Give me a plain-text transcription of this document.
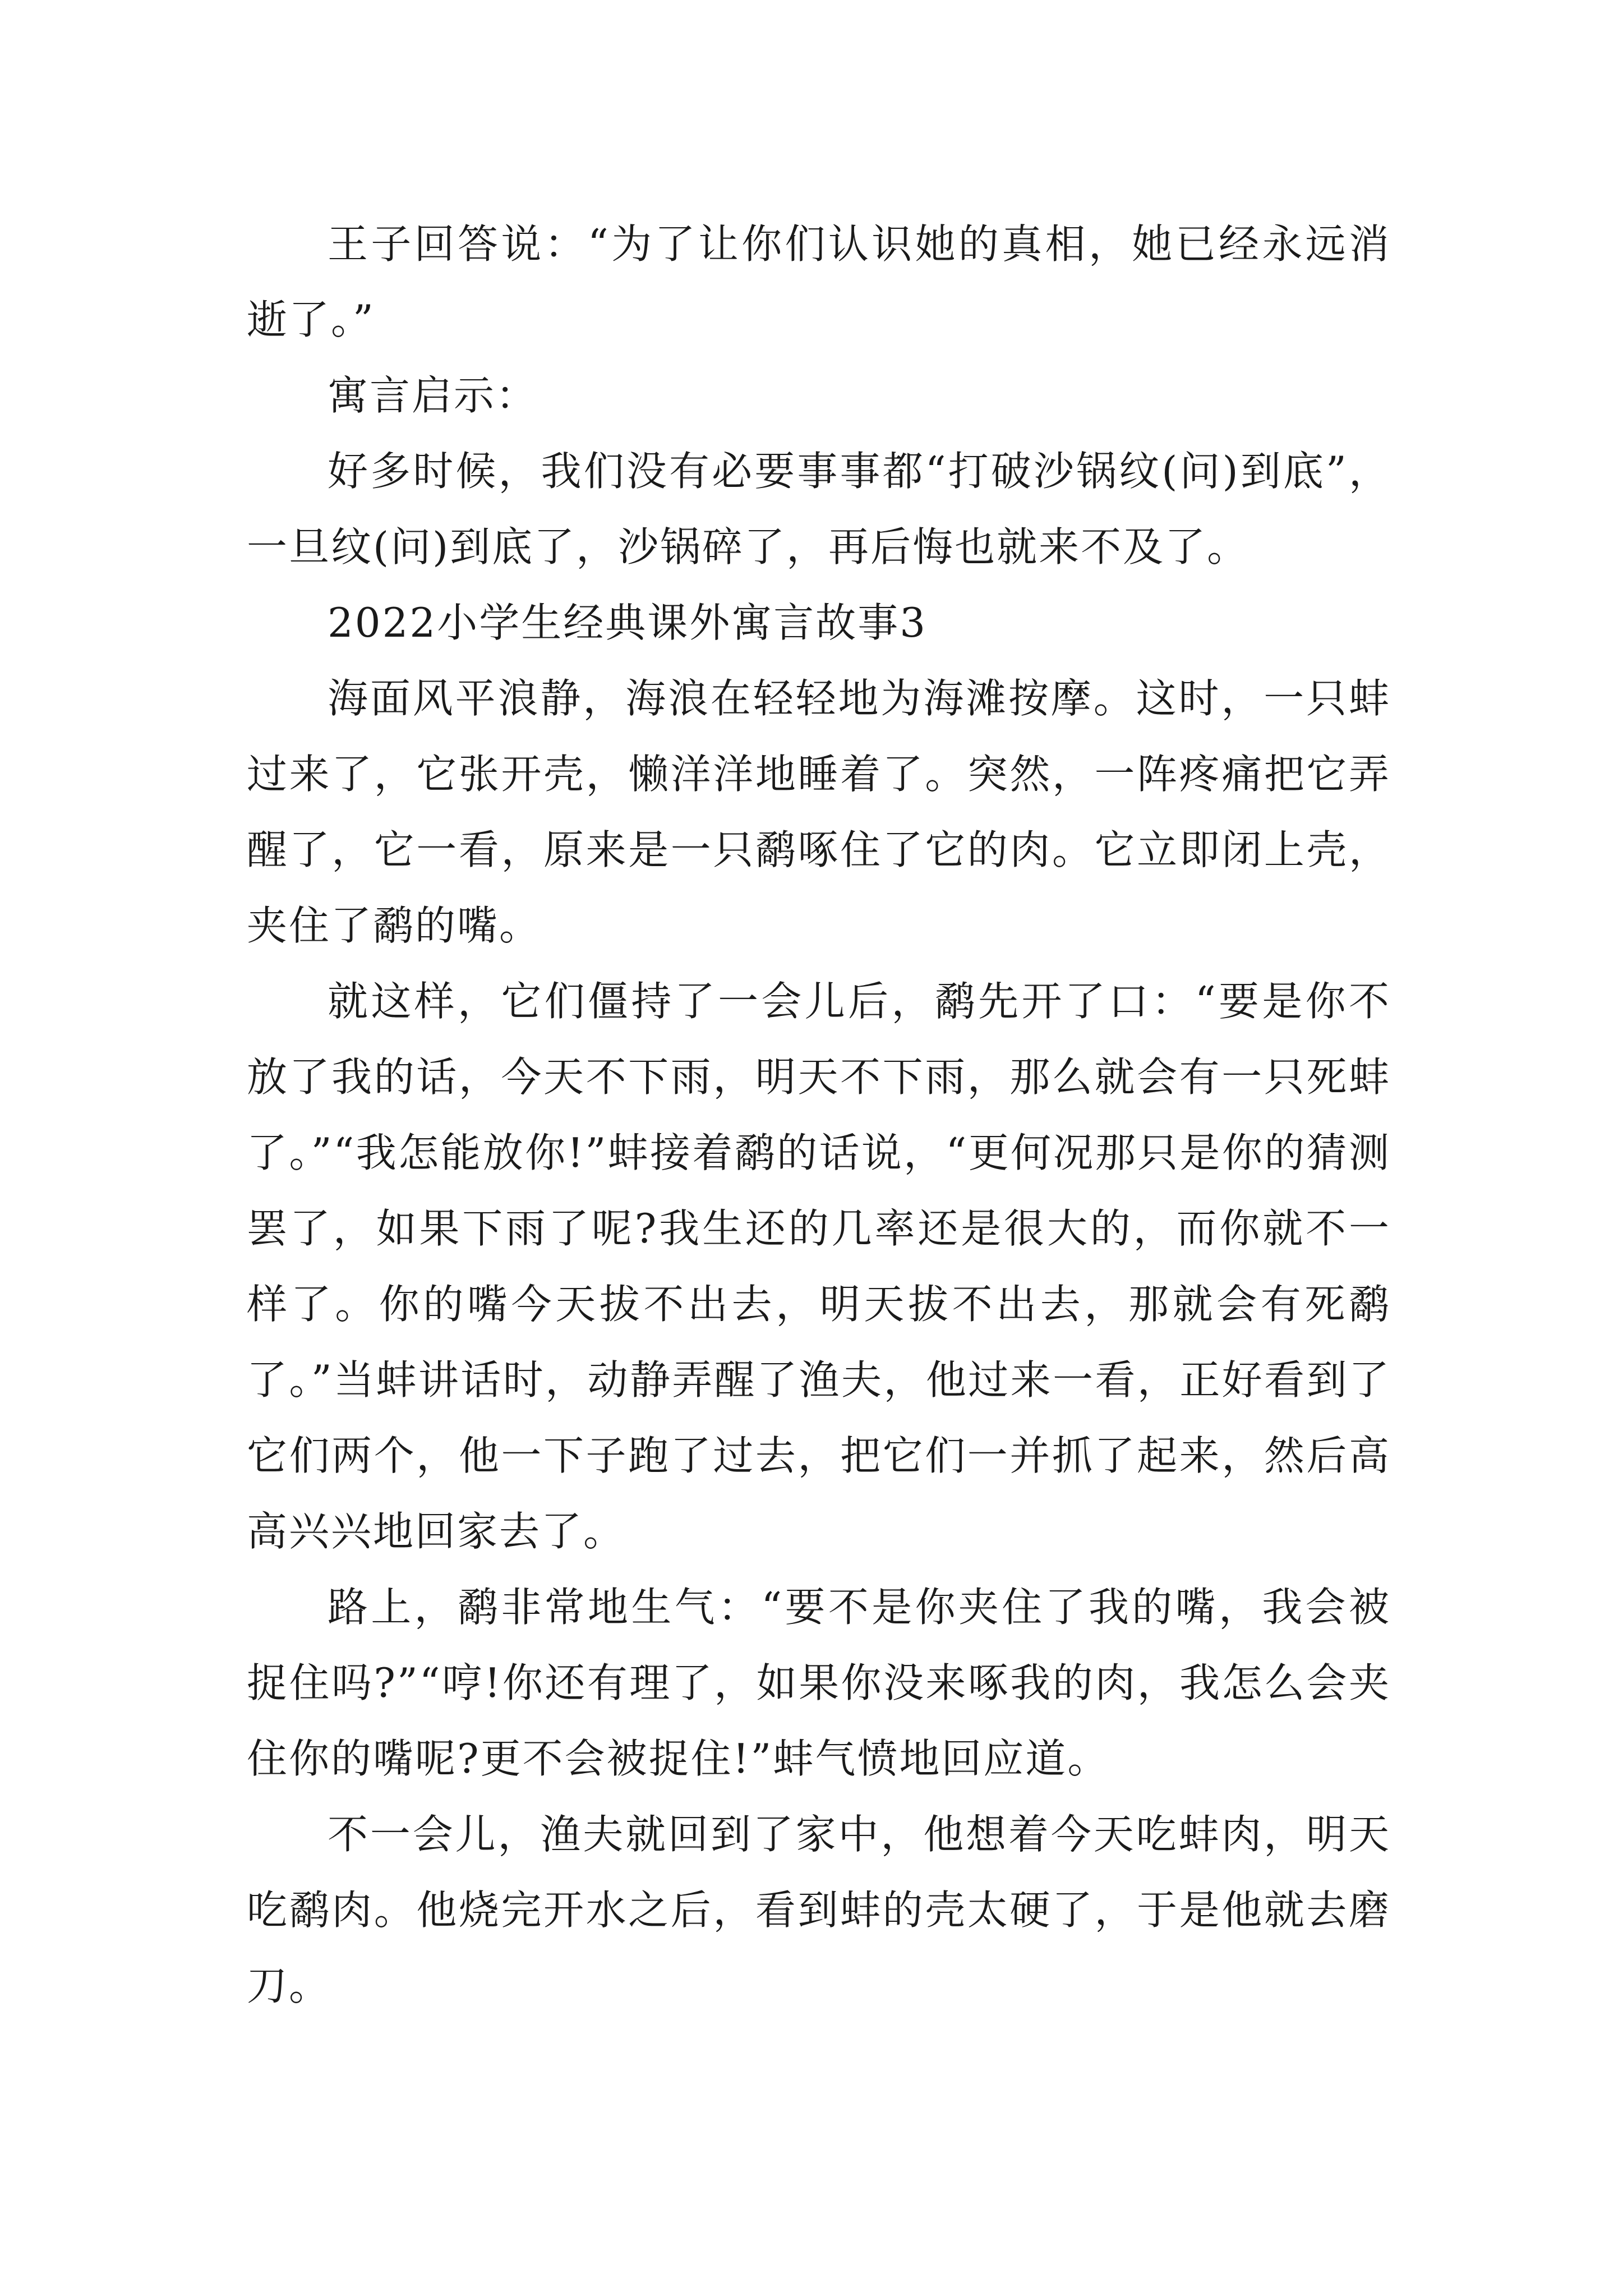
王子回答说：“为了让你们认识她的真相，她已经永远消逝了。”

寓言启示：

好多时候，我们没有必要事事都“打破沙锅纹(问)到底”，一旦纹(问)到底了，沙锅碎了，再后悔也就来不及了。

2022小学生经典课外寓言故事3

海面风平浪静，海浪在轻轻地为海滩按摩。这时，一只蚌过来了，它张开壳，懒洋洋地睡着了。突然，一阵疼痛把它弄醒了，它一看，原来是一只鹬啄住了它的肉。它立即闭上壳，夹住了鹬的嘴。

就这样，它们僵持了一会儿后，鹬先开了口：“要是你不放了我的话，今天不下雨，明天不下雨，那么就会有一只死蚌了。”“我怎能放你!”蚌接着鹬的话说，“更何况那只是你的猜测罢了，如果下雨了呢?我生还的几率还是很大的，而你就不一样了。你的嘴今天拔不出去，明天拔不出去，那就会有死鹬了。”当蚌讲话时，动静弄醒了渔夫，他过来一看，正好看到了它们两个，他一下子跑了过去，把它们一并抓了起来，然后高高兴兴地回家去了。

路上，鹬非常地生气：“要不是你夹住了我的嘴，我会被捉住吗?”“哼!你还有理了，如果你没来啄我的肉，我怎么会夹住你的嘴呢?更不会被捉住!”蚌气愤地回应道。

不一会儿，渔夫就回到了家中，他想着今天吃蚌肉，明天吃鹬肉。他烧完开水之后，看到蚌的壳太硬了，于是他就去磨刀。
